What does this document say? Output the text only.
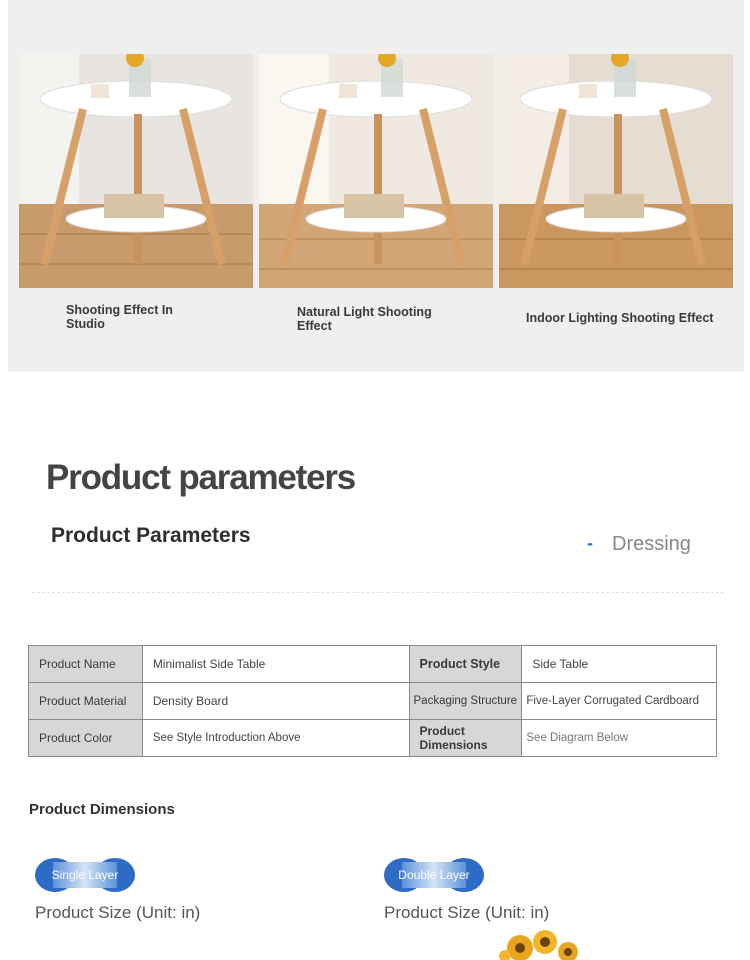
Shooting Effect In Studio
Natural Light Shooting Effect
Indoor Lighting Shooting Effect
Product parameters
Product Parameters	- Dressing
Product Name	Minimalist Side Table	Product Style	Side Table
Product Material	Density Board	Packaging Structure	Five-Layer Corrugated Cardboard
Product Color	See Style Introduction Above	Product Dimensions	See Diagram Below
Product Dimensions
Single Layer	Double Layer
Product Size (Unit: in)	Product Size (Unit: in)
